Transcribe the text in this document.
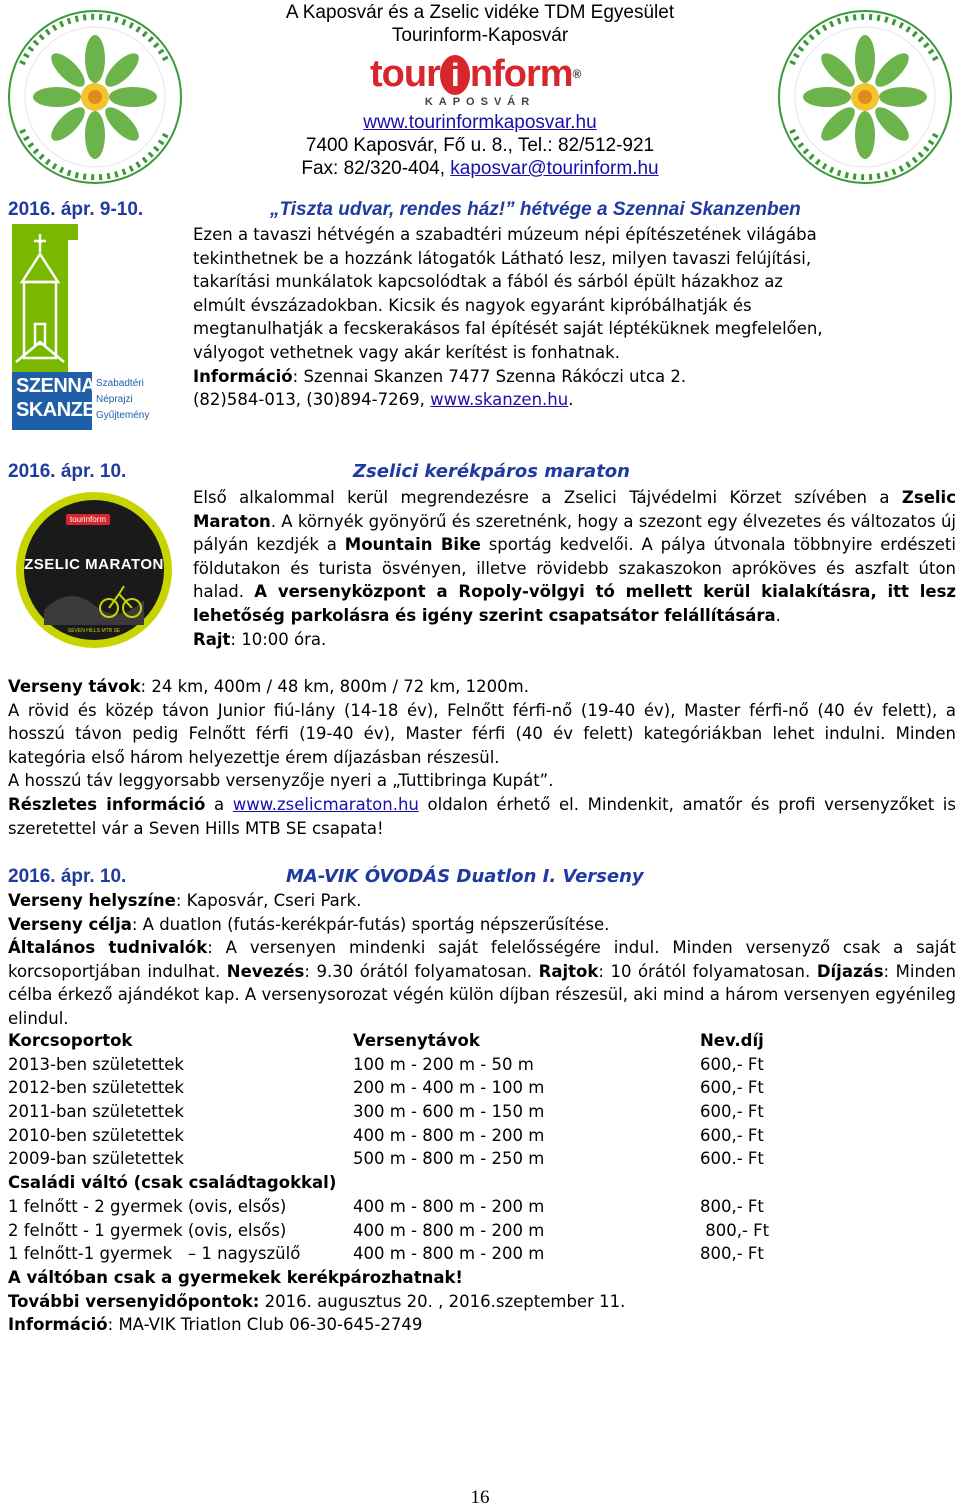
A Kaposvár és a Zselic vidéke TDM Egyesület
Tourinform-Kaposvár
tour i nform®
KAPOSVÁR
www.tourinformkaposvar.hu
7400 Kaposvár, Fő u. 8., Tel.: 82/512-921
Fax: 82/320-404, kaposvar@tourinform.hu
2016. ápr. 9-10.	„Tiszta udvar, rendes ház!” hétvége a Szennai Skanzenben
SZENNAI
SKANZEN
Szabadtéri
Néprajzi
Gyűjtemény
Ezen a tavaszi hétvégén a szabadtéri múzeum népi építészetének világába
tekinthetnek be a hozzánk látogatók Látható lesz, milyen tavaszi felújítási,
takarítási munkálatok kapcsolódtak a fából és sárból épült házakhoz az
elmúlt évszázadokban. Kicsik és nagyok egyaránt kipróbálhatják és
megtanulhatják a fecskerakásos fal építését saját léptéküknek megfelelően,
vályogot vethetnek vagy akár kerítést is fonhatnak.
Információ: Szennai Skanzen 7477 Szenna Rákóczi utca 2.
(82)584-013, (30)894-7269, www.skanzen.hu.
2016. ápr. 10.	Zselici kerékpáros maraton
tourinform
ZSELIC MARATON
SEVEN HILLS MTB SE

Első alkalommal kerül megrendezésre a Zselici Tájvédelmi Körzet szívében a Zselic Maraton. A környék gyönyörű és szeretnénk, hogy a szezont egy élvezetes és változatos új pályán kezdjék a Mountain Bike sportág kedvelői. A pálya útvonala többnyire erdészeti földutakon és turista ösvényen, illetve rövidebb szakaszokon apróköves és aszfalt úton halad. A versenyközpont a Ropoly-völgyi tó mellett kerül kialakításra, itt lesz lehetőség parkolásra és igény szerint csapatsátor felállítására.

Rajt: 10:00 óra.

Verseny távok: 24 km, 400m / 48 km, 800m / 72 km, 1200m.

A rövid és közép távon Junior fiú-lány (14-18 év), Felnőtt férfi-nő (19-40 év), Master férfi-nő (40 év felett), a hosszú távon pedig Felnőtt férfi (19-40 év), Master férfi (40 év felett) kategóriákban lehet indulni. Minden kategória első három helyezettje érem díjazásban részesül.

A hosszú táv leggyorsabb versenyzője nyeri a „Tuttibringa Kupát”.

Részletes információ a www.zselicmaraton.hu oldalon érhető el. Mindenkit, amatőr és profi versenyzőket is szeretettel vár a Seven Hills MTB SE csapata!

2016. ápr. 10.	MA-VIK ÓVODÁS Duatlon I. Verseny

Verseny helyszíne: Kaposvár, Cseri Park.

Verseny célja: A duatlon (futás-kerékpár-futás) sportág népszerűsítése.

Általános tudnivalók: A versenyen mindenki saját felelősségére indul. Minden versenyző csak a saját korcsoportjában indulhat. Nevezés: 9.30 órától folyamatosan. Rajtok: 10 órától folyamatosan. Díjazás: Minden célba érkező ajándékot kap. A versenysorozat végén külön díjban részesül, aki mind a három versenyen egyénileg elindul.

Korcsoportok	Versenytávok	Nev.díj
2013-ben születettek	100 m - 200 m - 50 m	600,- Ft
2012-ben születettek	200 m - 400 m - 100 m	600,- Ft
2011-ban születettek	300 m - 600 m - 150 m	600,- Ft
2010-ben születettek	400 m - 800 m - 200 m	600,- Ft
2009-ban születettek	500 m - 800 m - 250 m	600.- Ft
Családi váltó (csak családtagokkal)
1 felnőtt - 2 gyermek (ovis, elsős)	400 m - 800 m - 200 m	800,- Ft
2 felnőtt - 1 gyermek (ovis, elsős)	400 m - 800 m - 200 m	800,- Ft
1 felnőtt-1 gyermek   – 1 nagyszülő	400 m - 800 m - 200 m	800,- Ft
A váltóban csak a gyermekek kerékpározhatnak!
További versenyidőpontok: 2016. augusztus 20. , 2016.szeptember 11.
Információ: MA-VIK Triatlon Club 06-30-645-2749
16
